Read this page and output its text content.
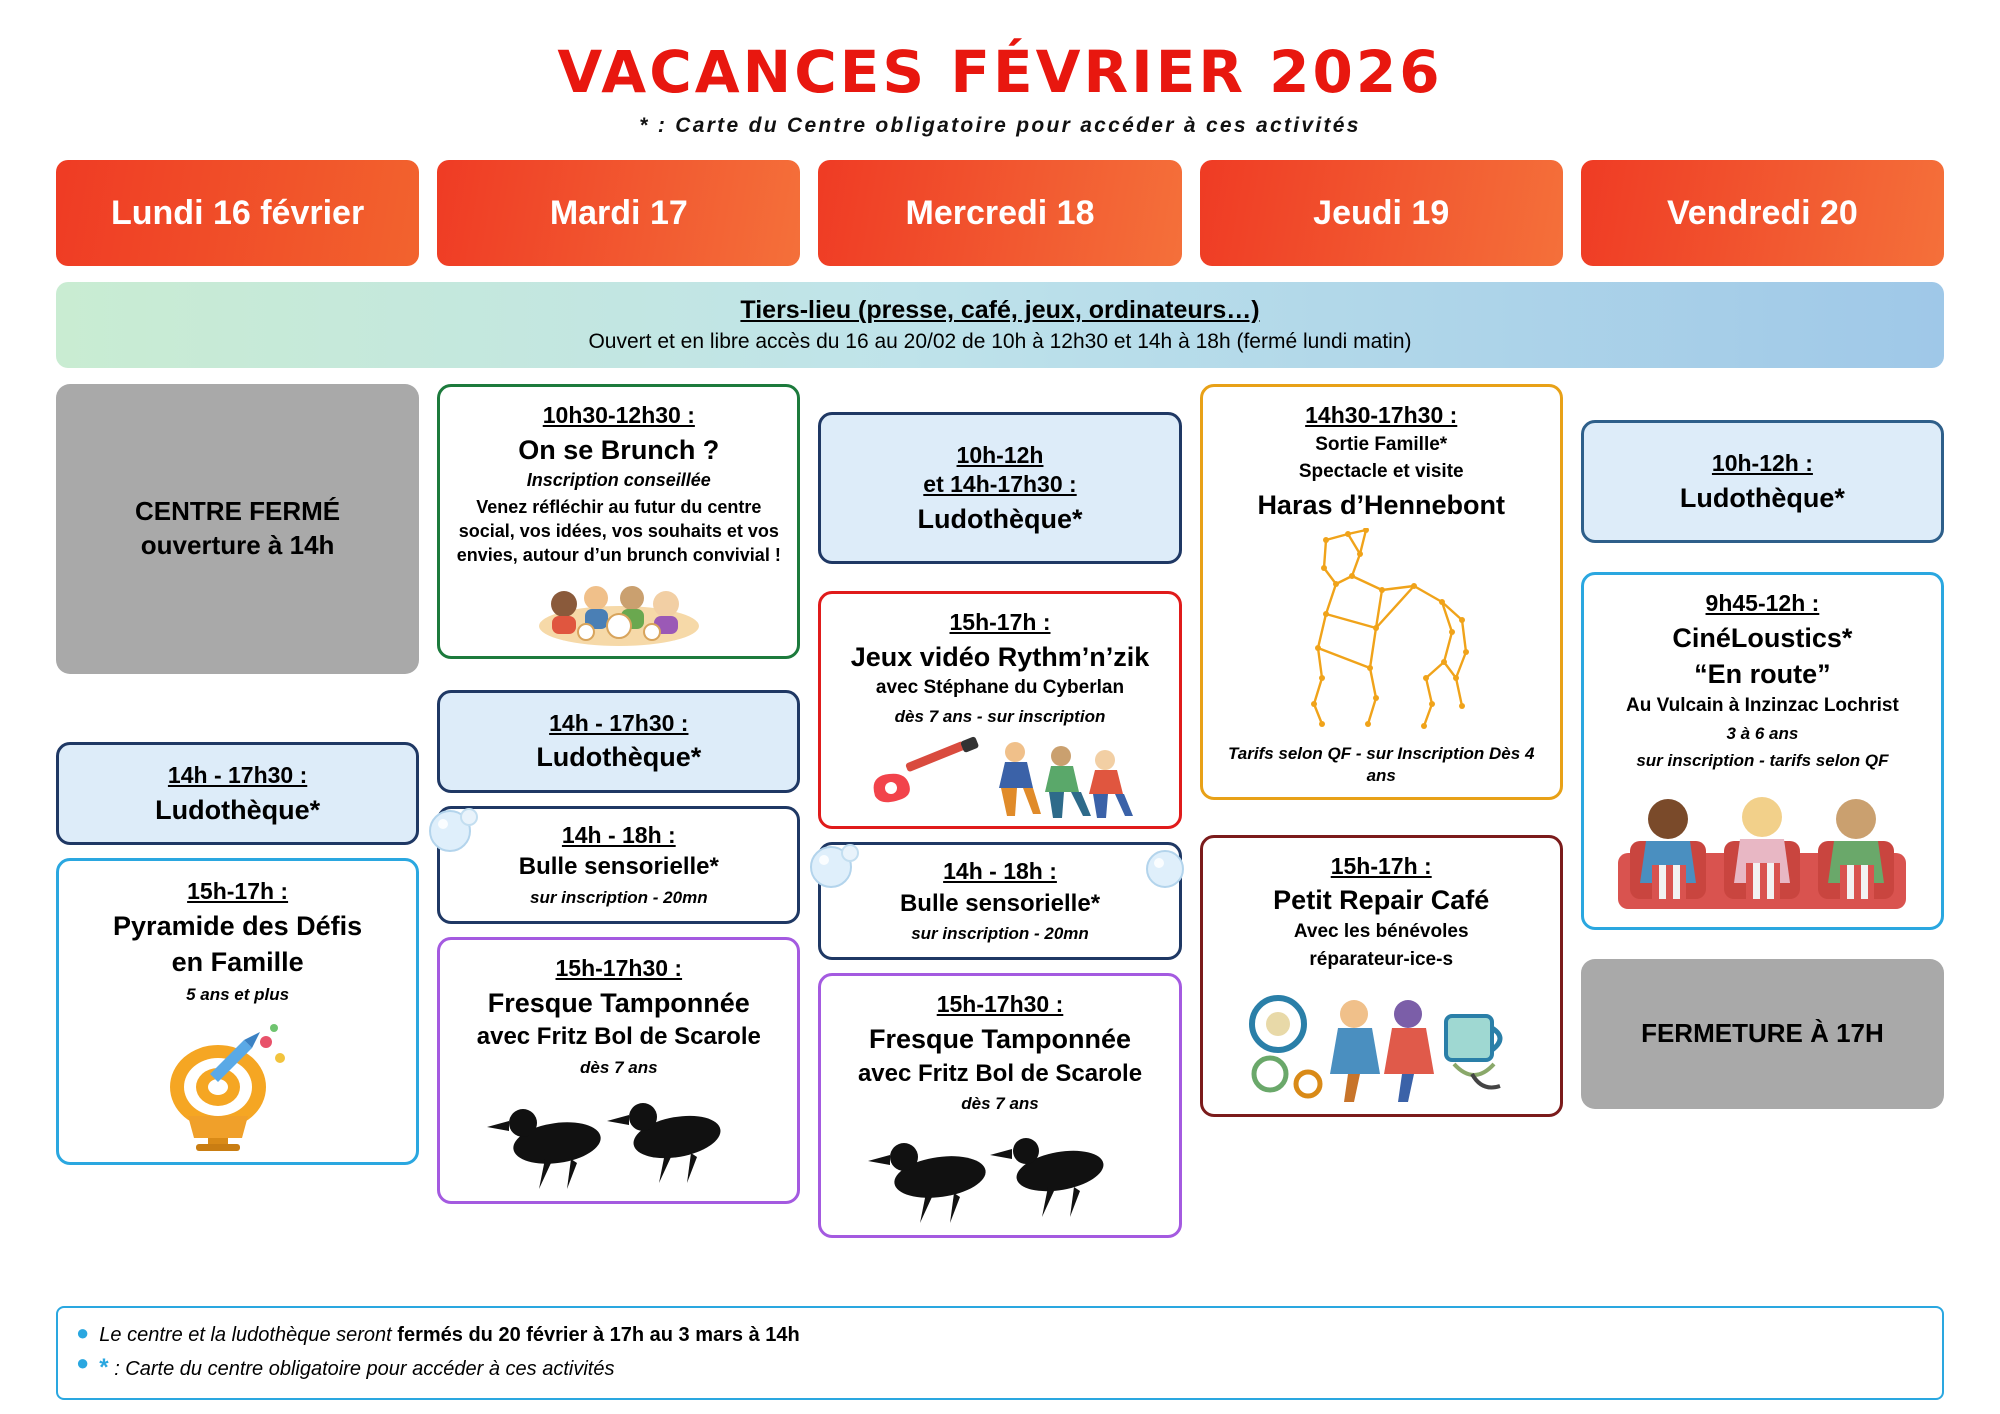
VACANCES FÉVRIER 2026
* : Carte du Centre obligatoire pour accéder à ces activités
Lundi 16 février	Mardi 17	Mercredi 18	Jeudi 19	Vendredi 20
Tiers-lieu (presse, café, jeux, ordinateurs…)
Ouvert et en libre accès du 16 au 20/02 de 10h à 12h30 et 14h à 18h (fermé lundi matin)
CENTRE FERMÉ
ouverture à 14h
14h - 17h30 :
Ludothèque*
15h-17h :
Pyramide des Défis
en Famille
5 ans et plus
10h30-12h30 :
On se Brunch ?
Inscription conseillée
Venez réfléchir au futur du centre social, vos idées, vos souhaits et vos envies, autour d’un brunch convivial !
14h - 17h30 :
Ludothèque*
14h - 18h :
Bulle sensorielle*
sur inscription - 20mn
15h-17h30 :
Fresque Tamponnée
avec Fritz Bol de Scarole
dès 7 ans
10h-12h
et 14h-17h30 :
Ludothèque*
15h-17h :
Jeux vidéo Rythm’n’zik
avec Stéphane du Cyberlan
dès 7 ans - sur inscription
14h - 18h :
Bulle sensorielle*
sur inscription - 20mn
15h-17h30 :
Fresque Tamponnée
avec Fritz Bol de Scarole
dès 7 ans
14h30-17h30 :
Sortie Famille*
Spectacle et visite
Haras d’Hennebont
Tarifs selon QF - sur Inscription Dès 4 ans
15h-17h :
Petit Repair Café
Avec les bénévoles
réparateur-ice-s
10h-12h :
Ludothèque*
9h45-12h :
CinéLoustics*
“En route”
Au Vulcain à Inzinzac Lochrist
3 à 6 ans
sur inscription - tarifs selon QF
FERMETURE À 17H
● Le centre et la ludothèque seront fermés du 20 février à 17h au 3 mars à 14h
● * : Carte du centre obligatoire pour accéder à ces activités
